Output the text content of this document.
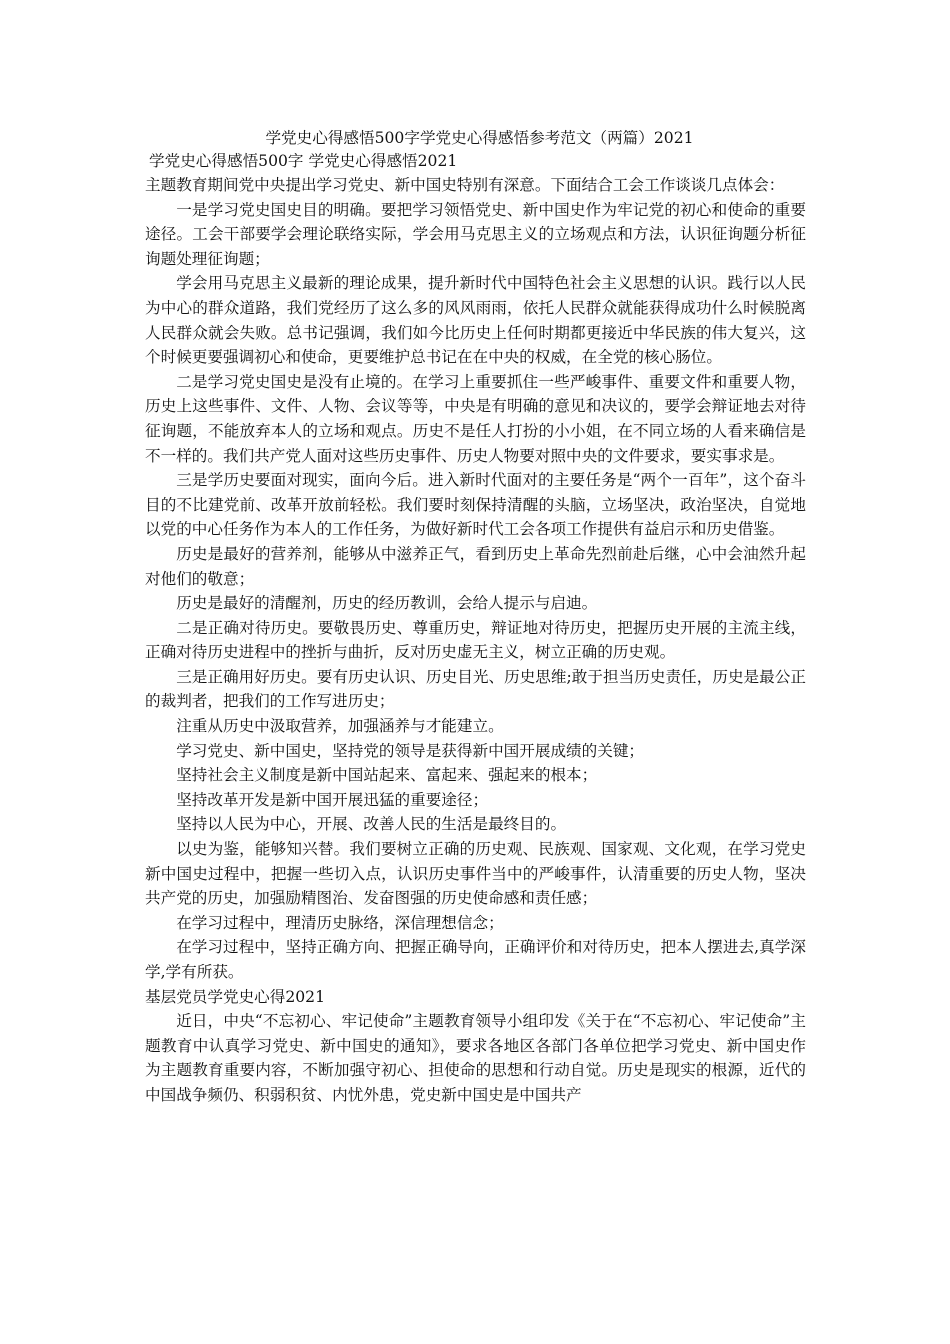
学党史心得感悟500字学党史心得感悟参考范文（两篇）2021

学党史心得感悟500字 学党史心得感悟2021

主题教育期间党中央提出学习党史、新中国史特别有深意。下面结合工会工作谈谈几点体会：

一是学习党史国史目的明确。要把学习领悟党史、新中国史作为牢记党的初心和使命的重要途径。工会干部要学会理论联络实际，学会用马克思主义的立场观点和方法，认识征询题分析征询题处理征询题；

学会用马克思主义最新的理论成果，提升新时代中国特色社会主义思想的认识。践行以人民为中心的群众道路，我们党经历了这么多的风风雨雨，依托人民群众就能获得成功什么时候脱离人民群众就会失败。总书记强调，我们如今比历史上任何时期都更接近中华民族的伟大复兴，这个时候更要强调初心和使命，更要维护总书记在在中央的权威，在全党的核心肠位。

二是学习党史国史是没有止境的。在学习上重要抓住一些严峻事件、重要文件和重要人物，历史上这些事件、文件、人物、会议等等，中央是有明确的意见和决议的，要学会辩证地去对待征询题，不能放弃本人的立场和观点。历史不是任人打扮的小小姐，在不同立场的人看来确信是不一样的。我们共产党人面对这些历史事件、历史人物要对照中央的文件要求，要实事求是。

三是学历史要面对现实，面向今后。进入新时代面对的主要任务是“两个一百年”，这个奋斗目的不比建党前、改革开放前轻松。我们要时刻保持清醒的头脑，立场坚决，政治坚决，自觉地以党的中心任务作为本人的工作任务，为做好新时代工会各项工作提供有益启示和历史借鉴。

历史是最好的营养剂，能够从中滋养正气，看到历史上革命先烈前赴后继，心中会油然升起对他们的敬意；

历史是最好的清醒剂，历史的经历教训，会给人提示与启迪。

二是正确对待历史。要敬畏历史、尊重历史，辩证地对待历史，把握历史开展的主流主线，正确对待历史进程中的挫折与曲折，反对历史虚无主义，树立正确的历史观。

三是正确用好历史。要有历史认识、历史目光、历史思维;敢于担当历史责任，历史是最公正的裁判者，把我们的工作写进历史；

注重从历史中汲取营养，加强涵养与才能建立。

学习党史、新中国史，坚持党的领导是获得新中国开展成绩的关键；

坚持社会主义制度是新中国站起来、富起来、强起来的根本；

坚持改革开发是新中国开展迅猛的重要途径；

坚持以人民为中心，开展、改善人民的生活是最终目的。

以史为鉴，能够知兴替。我们要树立正确的历史观、民族观、国家观、文化观，在学习党史新中国史过程中，把握一些切入点，认识历史事件当中的严峻事件，认清重要的历史人物，坚决共产党的历史，加强励精图治、发奋图强的历史使命感和责任感；

在学习过程中，理清历史脉络，深信理想信念；

在学习过程中，坚持正确方向、把握正确导向，正确评价和对待历史，把本人摆进去,真学深学,学有所获。

基层党员学党史心得2021

近日，中央“不忘初心、牢记使命”主题教育领导小组印发《关于在“不忘初心、牢记使命”主题教育中认真学习党史、新中国史的通知》，要求各地区各部门各单位把学习党史、新中国史作为主题教育重要内容，不断加强守初心、担使命的思想和行动自觉。历史是现实的根源，近代的中国战争频仍、积弱积贫、内忧外患，党史新中国史是中国共产
